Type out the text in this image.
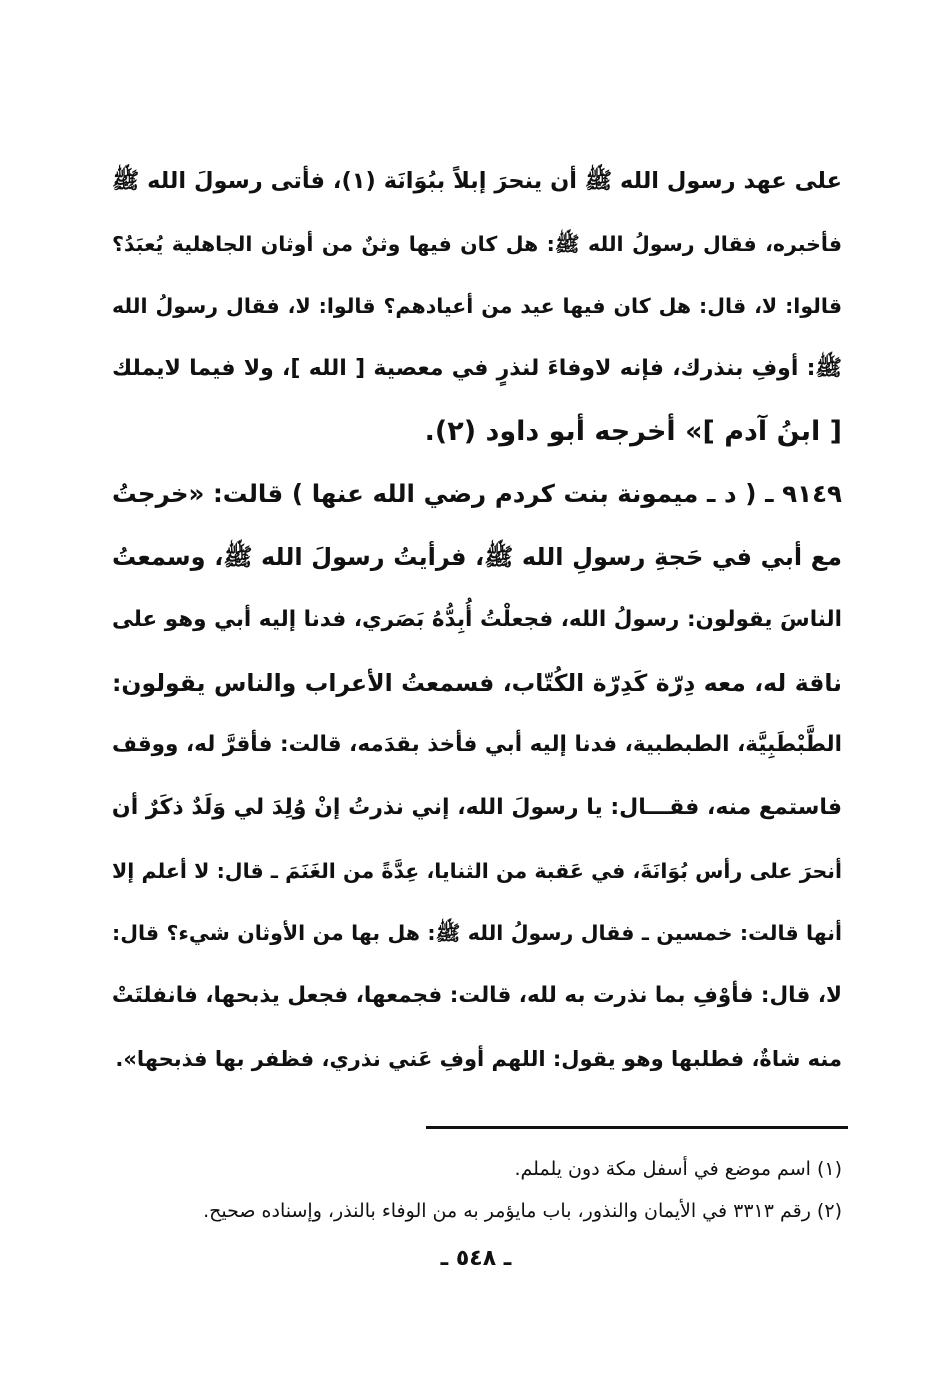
على عهد رسول الله ﷺ أن ينحرَ إبلاً ببُوَانَة (١)، فأتى رسولَ الله ﷺ
فأخبره، فقال رسولُ الله ﷺ: هل كان فيها وثنٌ من أوثان الجاهلية يُعبَدُ؟
قالوا: لا، قال: هل كان فيها عيد من أعيادهم؟ قالوا: لا، فقال رسولُ الله
ﷺ: أوفِ بنذرك، فإنه لاوفاءَ لنذرٍ في معصية [ الله ]، ولا فيما لايملك
[ ابنُ آدم ]» أخرجه أبو داود (٢).
٩١٤٩ ـ ( د ـ ميمونة بنت كردم رضي الله عنها ) قالت: «خرجتُ
مع أبي في حَجةِ رسولِ الله ﷺ، فرأيتُ رسولَ الله ﷺ، وسمعتُ
الناسَ يقولون: رسولُ الله، فجعلْتُ أُبِدُّهُ بَصَري، فدنا إليه أبي وهو على
ناقة له، معه دِرّة كَدِرّة الكُتّاب، فسمعتُ الأعراب والناس يقولون:
الطَّبْطَبِيَّة، الطبطبية، فدنا إليه أبي فأخذ بقدَمه، قالت: فأقرَّ له، ووقف
فاستمع منه، فقـــال: يا رسولَ الله، إني نذرتُ إنْ وُلِدَ لي وَلَدٌ ذكَرٌ أن
أنحرَ على رأس بُوَانَةَ، في عَقبة من الثنايا، عِدَّةً من الغَنَمَ ـ قال: لا أعلم إلا
أنها قالت: خمسين ـ فقال رسولُ الله ﷺ: هل بها من الأوثان شيء؟ قال:
لا، قال: فأوْفِ بما نذرت به لله، قالت: فجمعها، فجعل يذبحها، فانفلتَتْ
منه شاةٌ، فطلبها وهو يقول: اللهم أوفِ عَني نذري، فظفر بها فذبحها».
(١) اسم موضع في أسفل مكة دون يلملم.
(٢) رقم ٣٣١٣ في الأيمان والنذور، باب مايؤمر به من الوفاء بالنذر، وإسناده صحيح.
ـ ٥٤٨ ـ
